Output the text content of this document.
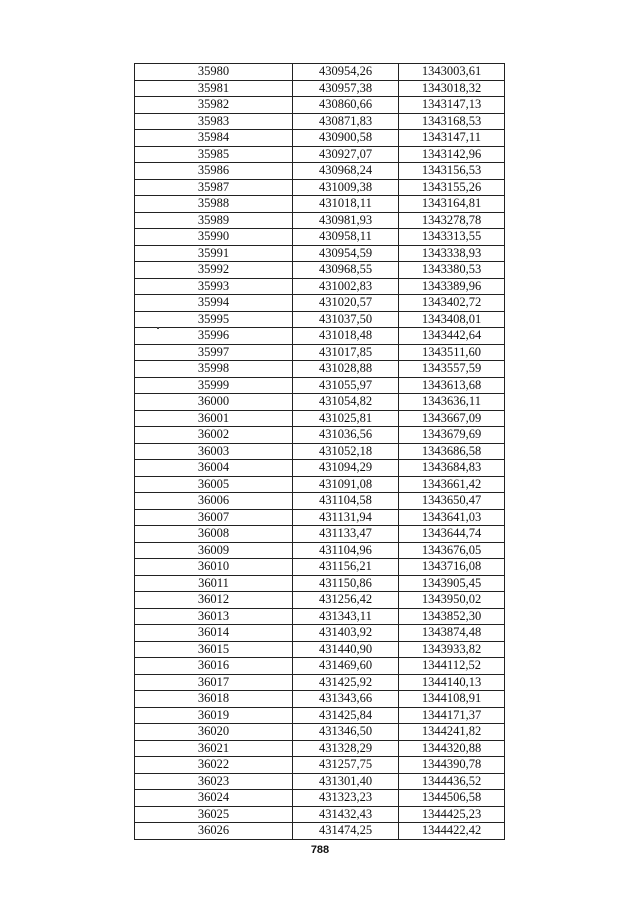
35980	430954,26	1343003,61
35981	430957,38	1343018,32
35982	430860,66	1343147,13
35983	430871,83	1343168,53
35984	430900,58	1343147,11
35985	430927,07	1343142,96
35986	430968,24	1343156,53
35987	431009,38	1343155,26
35988	431018,11	1343164,81
35989	430981,93	1343278,78
35990	430958,11	1343313,55
35991	430954,59	1343338,93
35992	430968,55	1343380,53
35993	431002,83	1343389,96
35994	431020,57	1343402,72
35995	431037,50	1343408,01
35996	431018,48	1343442,64
35997	431017,85	1343511,60
35998	431028,88	1343557,59
35999	431055,97	1343613,68
36000	431054,82	1343636,11
36001	431025,81	1343667,09
36002	431036,56	1343679,69
36003	431052,18	1343686,58
36004	431094,29	1343684,83
36005	431091,08	1343661,42
36006	431104,58	1343650,47
36007	431131,94	1343641,03
36008	431133,47	1343644,74
36009	431104,96	1343676,05
36010	431156,21	1343716,08
36011	431150,86	1343905,45
36012	431256,42	1343950,02
36013	431343,11	1343852,30
36014	431403,92	1343874,48
36015	431440,90	1343933,82
36016	431469,60	1344112,52
36017	431425,92	1344140,13
36018	431343,66	1344108,91
36019	431425,84	1344171,37
36020	431346,50	1344241,82
36021	431328,29	1344320,88
36022	431257,75	1344390,78
36023	431301,40	1344436,52
36024	431323,23	1344506,58
36025	431432,43	1344425,23
36026	431474,25	1344422,42
788
